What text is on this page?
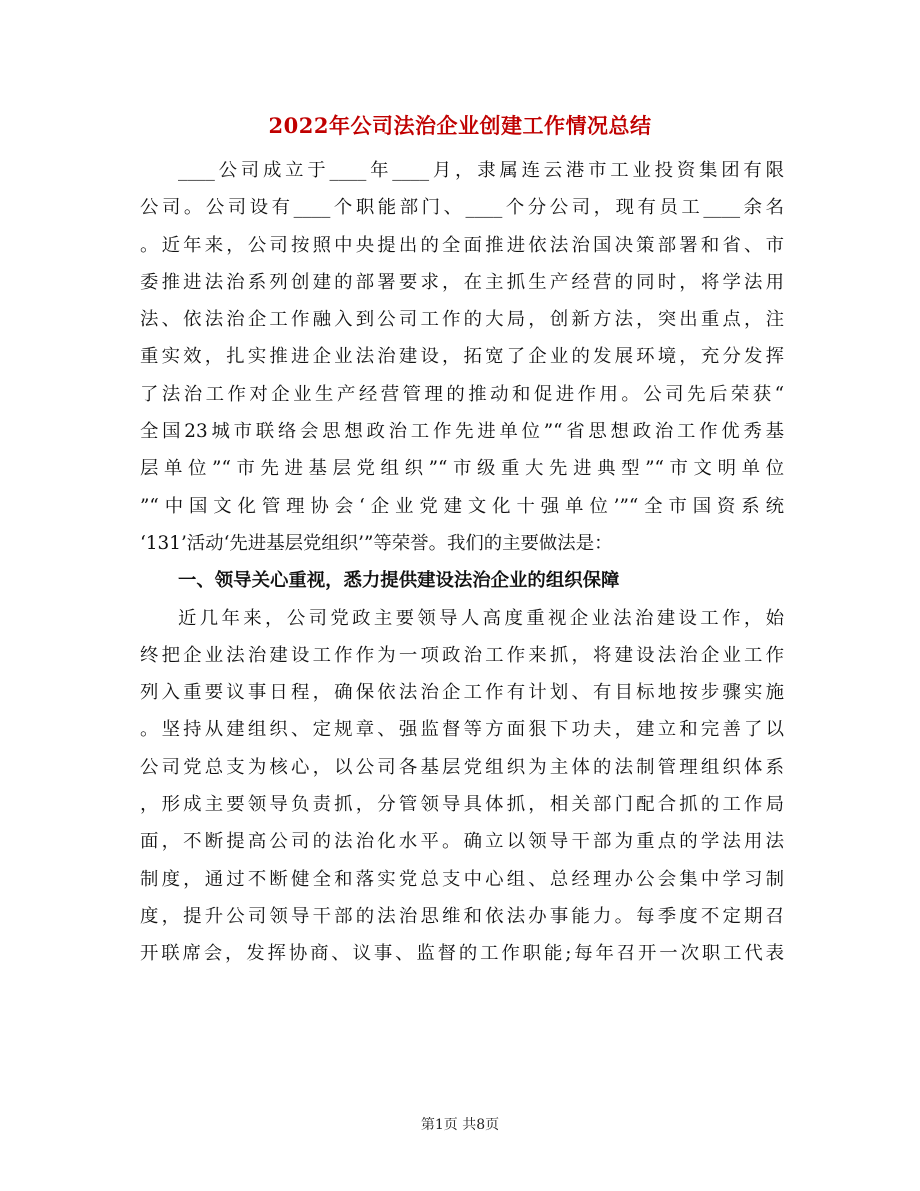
2022年公司法治企业创建工作情况总结
____公司成立于____年____月，隶属连云港市工业投资集团有限
公司。公司设有____个职能部门、____个分公司，现有员工____余名
。近年来，公司按照中央提出的全面推进依法治国决策部署和省、市
委推进法治系列创建的部署要求，在主抓生产经营的同时，将学法用
法、依法治企工作融入到公司工作的大局，创新方法，突出重点，注
重实效，扎实推进企业法治建设，拓宽了企业的发展环境，充分发挥
了法治工作对企业生产经营管理的推动和促进作用。公司先后荣获“
全国23城市联络会思想政治工作先进单位”“省思想政治工作优秀基
层单位”“市先进基层党组织”“市级重大先进典型”“市文明单位
”“中国文化管理协会‘企业党建文化十强单位’”“全市国资系统
‘131’活动‘先进基层党组织’”等荣誉。我们的主要做法是：
一、领导关心重视，悉力提供建设法治企业的组织保障
近几年来，公司党政主要领导人高度重视企业法治建设工作，始
终把企业法治建设工作作为一项政治工作来抓，将建设法治企业工作
列入重要议事日程，确保依法治企工作有计划、有目标地按步骤实施
。坚持从建组织、定规章、强监督等方面狠下功夫，建立和完善了以
公司党总支为核心，以公司各基层党组织为主体的法制管理组织体系
，形成主要领导负责抓，分管领导具体抓，相关部门配合抓的工作局
面，不断提高公司的法治化水平。确立以领导干部为重点的学法用法
制度，通过不断健全和落实党总支中心组、总经理办公会集中学习制
度，提升公司领导干部的法治思维和依法办事能力。每季度不定期召
开联席会，发挥协商、议事、监督的工作职能;每年召开一次职工代表
第1页 共8页
